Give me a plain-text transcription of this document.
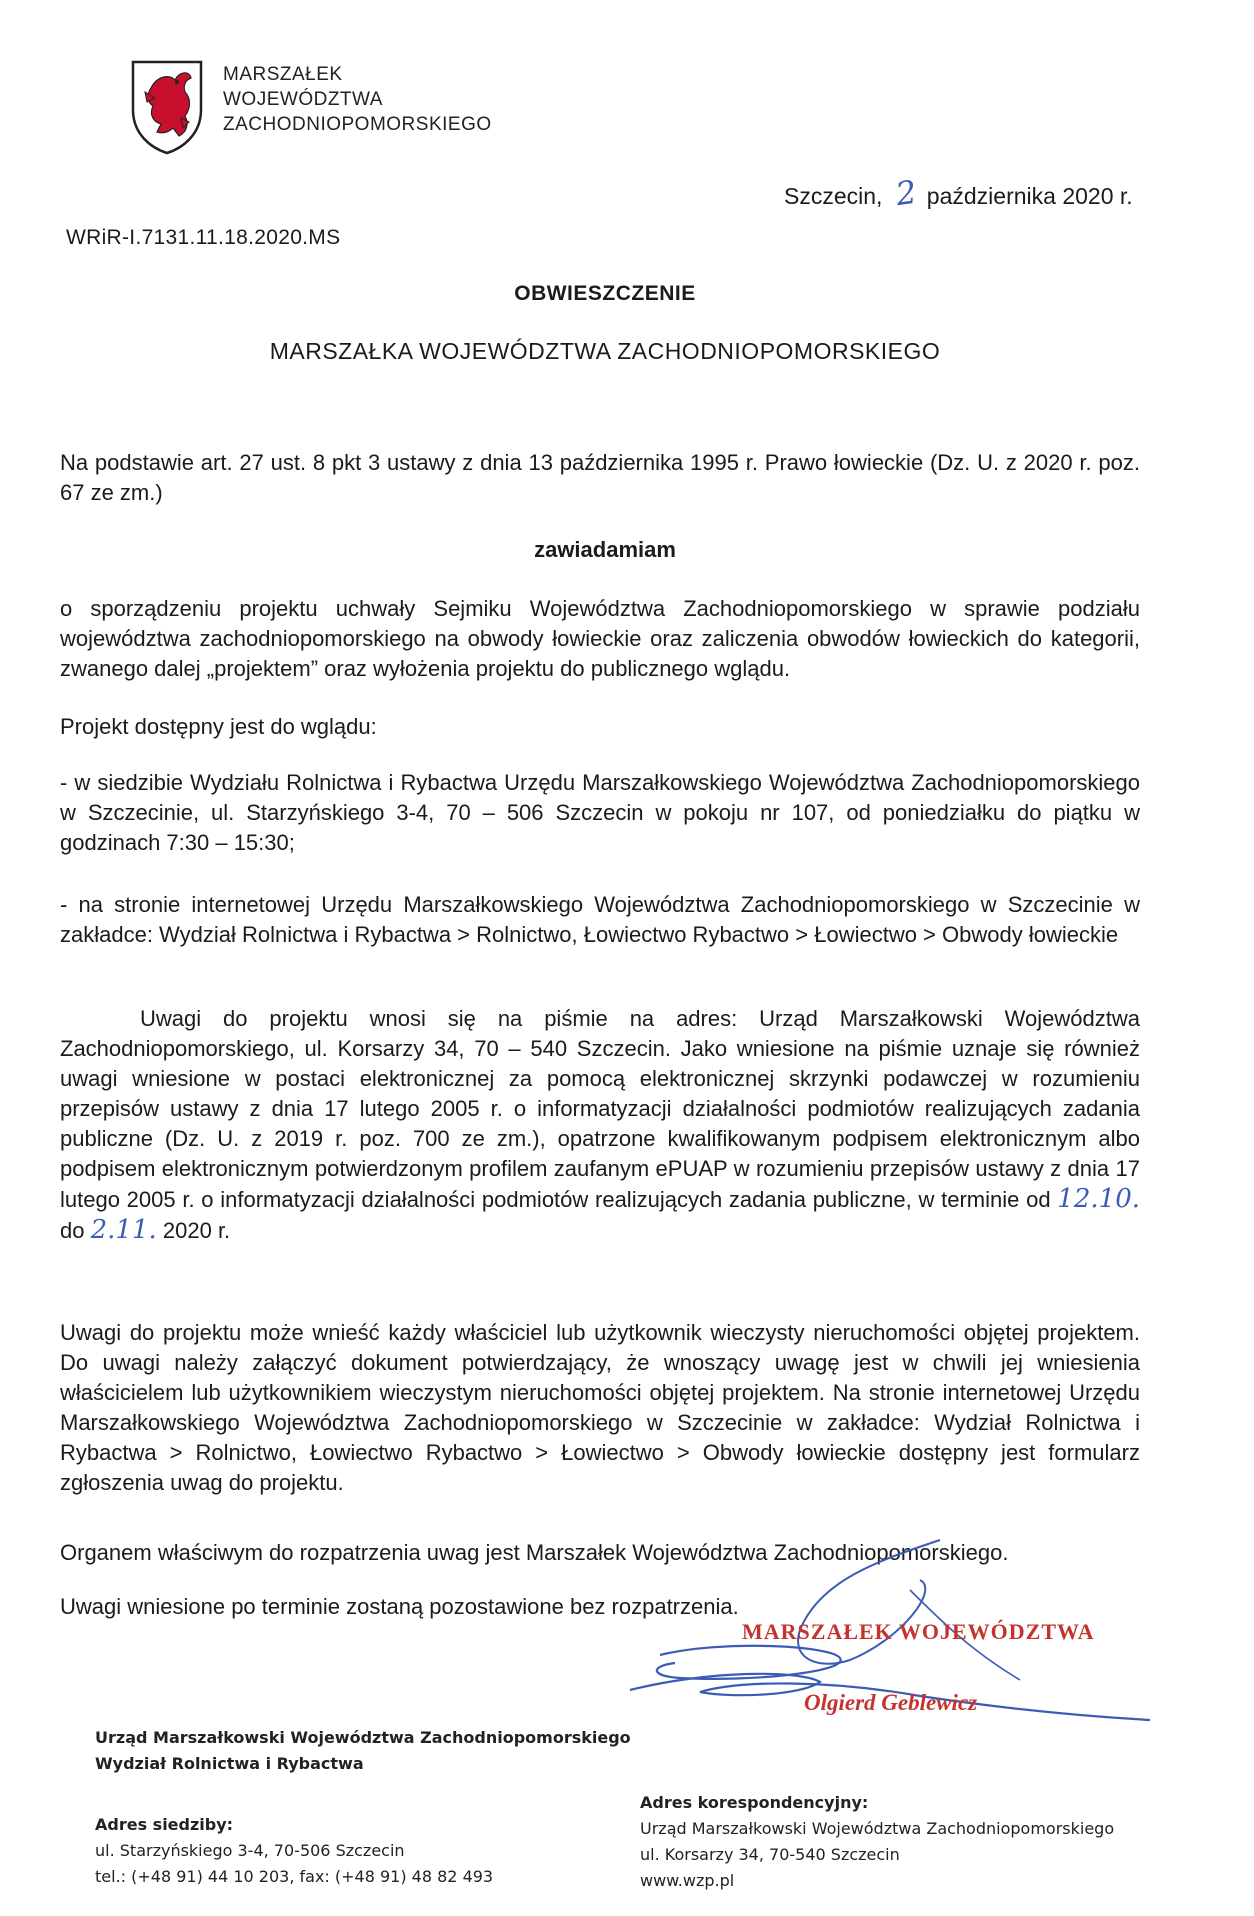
MARSZAŁEK
WOJEWÓDZTWA
ZACHODNIOPOMORSKIEGO
Szczecin, 2 października 2020 r.
WRiR-I.7131.11.18.2020.MS
OBWIESZCZENIE
MARSZAŁKA WOJEWÓDZTWA ZACHODNIOPOMORSKIEGO
Na podstawie art. 27 ust. 8 pkt 3 ustawy z dnia 13 października 1995 r. Prawo łowieckie (Dz. U. z 2020 r. poz. 67 ze zm.)
zawiadamiam
o sporządzeniu projektu uchwały Sejmiku Województwa Zachodniopomorskiego w sprawie podziału województwa zachodniopomorskiego na obwody łowieckie oraz zaliczenia obwodów łowieckich do kategorii, zwanego dalej „projektem” oraz wyłożenia projektu do publicznego wglądu.
Projekt dostępny jest do wglądu:
- w siedzibie Wydziału Rolnictwa i Rybactwa Urzędu Marszałkowskiego Województwa Zachodniopomorskiego w Szczecinie, ul. Starzyńskiego 3-4, 70 – 506 Szczecin w pokoju nr 107, od poniedziałku do piątku w godzinach 7:30 – 15:30;
- na stronie internetowej Urzędu Marszałkowskiego Województwa Zachodniopomorskiego w Szczecinie w zakładce: Wydział Rolnictwa i Rybactwa > Rolnictwo, Łowiectwo Rybactwo > Łowiectwo > Obwody łowieckie
Uwagi do projektu wnosi się na piśmie na adres: Urząd Marszałkowski Województwa Zachodniopomorskiego, ul. Korsarzy 34, 70 – 540 Szczecin. Jako wniesione na piśmie uznaje się również uwagi wniesione w postaci elektronicznej za pomocą elektronicznej skrzynki podawczej w rozumieniu przepisów ustawy z dnia 17 lutego 2005 r. o informatyzacji działalności podmiotów realizujących zadania publiczne (Dz. U. z 2019 r. poz. 700 ze zm.), opatrzone kwalifikowanym podpisem elektronicznym albo podpisem elektronicznym potwierdzonym profilem zaufanym ePUAP w rozumieniu przepisów ustawy z dnia 17 lutego 2005 r. o informatyzacji działalności podmiotów realizujących zadania publiczne, w terminie od 12.10. do 2.11. 2020 r.
Uwagi do projektu może wnieść każdy właściciel lub użytkownik wieczysty nieruchomości objętej projektem. Do uwagi należy załączyć dokument potwierdzający, że wnoszący uwagę jest w chwili jej wniesienia właścicielem lub użytkownikiem wieczystym nieruchomości objętej projektem. Na stronie internetowej Urzędu Marszałkowskiego Województwa Zachodniopomorskiego w Szczecinie w zakładce: Wydział Rolnictwa i Rybactwa > Rolnictwo, Łowiectwo Rybactwo > Łowiectwo > Obwody łowieckie dostępny jest formularz zgłoszenia uwag do projektu.
Organem właściwym do rozpatrzenia uwag jest Marszałek Województwa Zachodniopomorskiego.
Uwagi wniesione po terminie zostaną pozostawione bez rozpatrzenia.
MARSZAŁEK WOJEWÓDZTWA
Olgierd Geblewicz
Urząd Marszałkowski Województwa Zachodniopomorskiego
Wydział Rolnictwa i Rybactwa
Adres siedziby:
ul. Starzyńskiego 3-4, 70-506 Szczecin
tel.: (+48 91) 44 10 203, fax: (+48 91) 48 82 493
Adres korespondencyjny:
Urząd Marszałkowski Województwa Zachodniopomorskiego
ul. Korsarzy 34, 70-540 Szczecin
www.wzp.pl
